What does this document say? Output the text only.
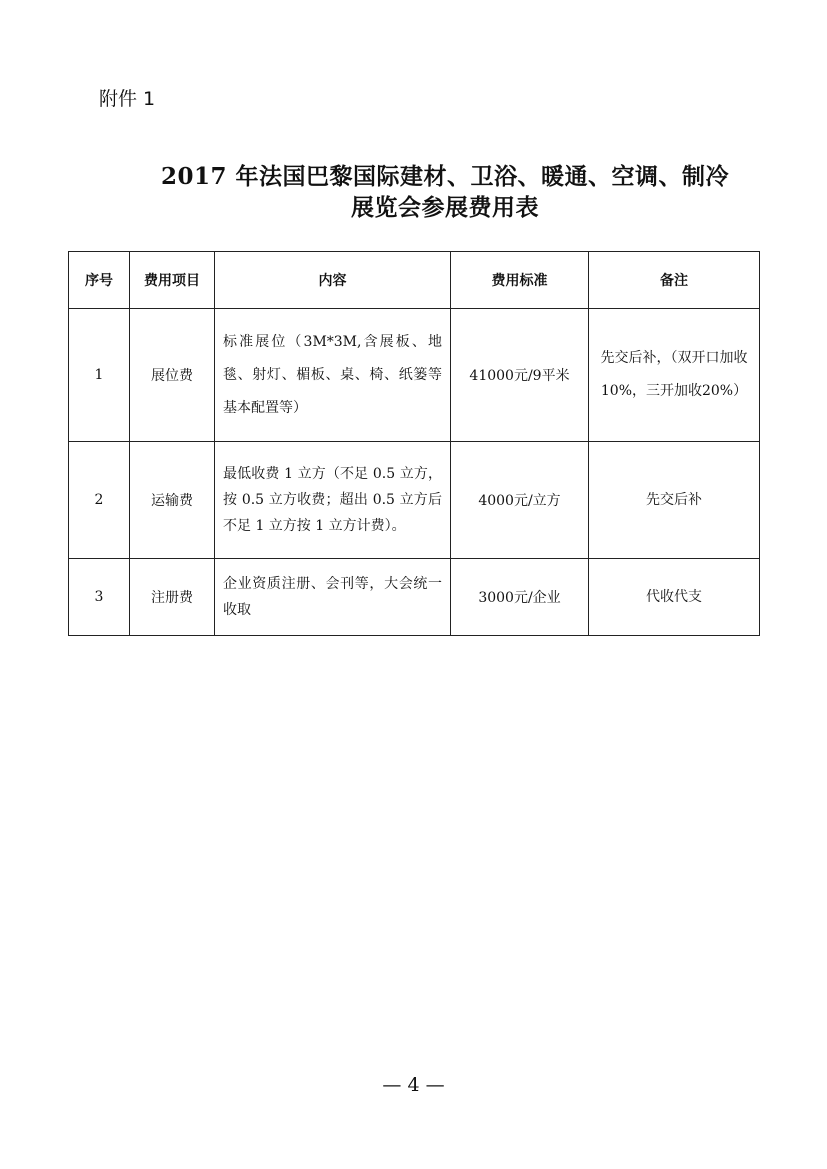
附件 1
2017 年法国巴黎国际建材、卫浴、暖通、空调、制冷
展览会参展费用表
序号	费用项目	内容	费用标准	备注
1	展位费	标准展位（3M*3M,含展板、地毯、射灯、楣板、桌、椅、纸篓等基本配置等）	41000元/9平米	先交后补，（双开口加收10%，三开加收20%）
2	运输费	最低收费 1 立方（不足 0.5 立方，按 0.5 立方收费；超出 0.5 立方后不足 1 立方按 1 立方计费）。	4000元/立方	先交后补
3	注册费	企业资质注册、会刊等，大会统一收取	3000元/企业	代收代支
— 4 —
